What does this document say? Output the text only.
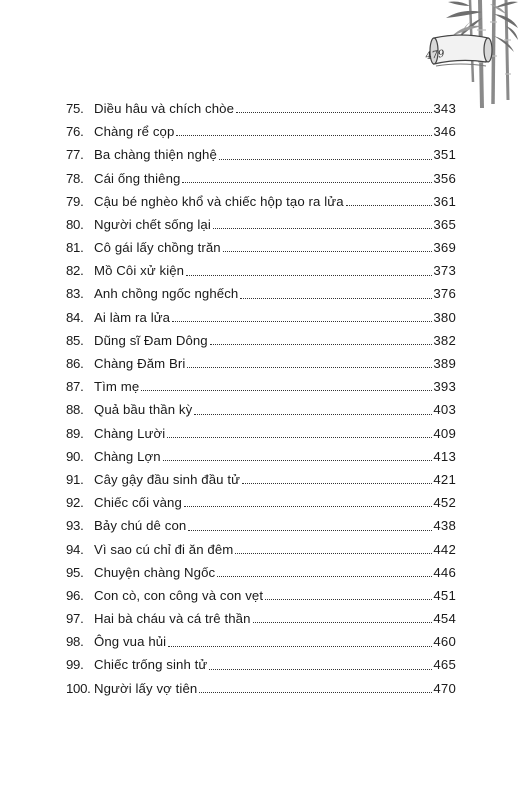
479
75. Diều hâu và chích chòe	343
76. Chàng rể cọp	346
77. Ba chàng thiện nghệ	351
78. Cái ống thiêng	356
79. Cậu bé nghèo khổ và chiếc hộp tạo ra lửa	361
80. Người chết sống lại	365
81. Cô gái lấy chồng trăn	369
82. Mồ Côi xử kiện	373
83. Anh chồng ngốc nghếch	376
84. Ai làm ra lửa	380
85. Dũng sĩ Đam Dông	382
86. Chàng Đăm Bri	389
87. Tìm mẹ	393
88. Quả bầu thần kỳ	403
89. Chàng Lười	409
90. Chàng Lợn	413
91. Cây gậy đầu sinh đầu tử	421
92. Chiếc cối vàng	452
93. Bảy chú dê con	438
94. Vì sao cú chỉ đi ăn đêm	442
95. Chuyện chàng Ngốc	446
96. Con cò, con công và con vẹt	451
97. Hai bà cháu và cá trê thần	454
98. Ông vua hủi	460
99. Chiếc trống sinh tử	465
100. Người lấy vợ tiên	470
